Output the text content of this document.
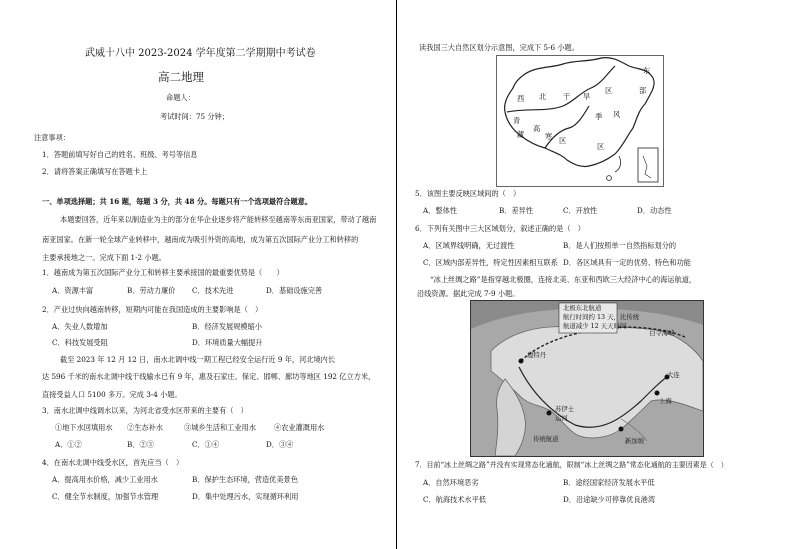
武威十八中 2023-2024 学年度第二学期期中考试卷
高二地理
命题人：
考试时间：75 分钟；
注意事项：
1．答题前填写好自己的姓名、班级、考号等信息
2．请将答案正确填写在答题卡上
一、单项选择题；共 16 题，每题 3 分，共 48 分。每题只有一个选项最符合题意。
本题要回答，近年来以制造业为主的部分在华企业逐步将产能转移至越南等东南亚国家，带动了越南
南亚国家。在新一轮全球产业转移中，越南成为吸引外资的高地，成为第五次国际产业分工和转移的
主要承接地之一。完成下面 1-2 小题。
1．越南成为第五次国际产业分工和转移主要承接国的最重要优势是（　　）
A．资源丰富	B．劳动力廉价 C．技术先进	D．基础设施完善
2．产业过快向越南转移，短期内可能在我国造成的主要影响是（　）
A．失业人数增加	B．经济发展规模缩小
C．科技发展受阻	D．环境质量大幅提升
截至 2023 年 12 月 12 日，南水北调中线一期工程已经安全运行近 9 年，河北境内长
达 596 千米的南水北调中线干线输水已有 9 年，惠及石家庄、保定、邯郸、廊坊等地区 192 亿立方米，
直接受益人口 5100 多万。完成 3-4 小题。
3．南水北调中线调水以来，为河北省受水区带来的主要有（　）
①地下水回填用水 ②生态补水	③城乡生活和工业用水	④农业灌溉用水
A．①②	B．②③	C．①④	D．③④
4．在南水北调中线受水区，首先应当（　）
A．提高用水价格，减少工业用水	B．保护生态环境，营造优美景色
C．健全节水制度，加强节水管理	D．集中处理污水，实现循环利用
读我国三大自然区划分示意图，完成下 5-6 小题。
东
西 北 干 旱
区
青
藏
高
寒 区
季 风
区
部
5．该图主要反映区域间的（　）
A．整体性	B．差异性	C．开放性	D．动态性
6．下列有关图中三大区域划分，叙述正确的是（　）
A．区域界线明确，无过渡性	B．是人们按照单一自然指标划分的
C．区域内部差异性，特定性因素相互联系 D．各区域具有一定的优势、特色和功能
“冰上丝绸之路”是指穿越北极圈，连接北美、东亚和西欧三大经济中心的海运航道，
沿线资源。据此完成 7-9 小题。
北极东北航道
航行时间约 13 天，比传统
航道减少 12 天天时间
白令海峡
鹿特丹
大连
上海
苏伊士
运河
传统航道	新加坡
7．目前“冰上丝绸之路”并没有实现常态化通航，限制“冰上丝绸之路”常态化通航的主要因素是（　）
A．自然环境恶劣	B．途经国家经济发展水平低
C．航海技术水平低	D．沿途缺少可停靠优良港湾
